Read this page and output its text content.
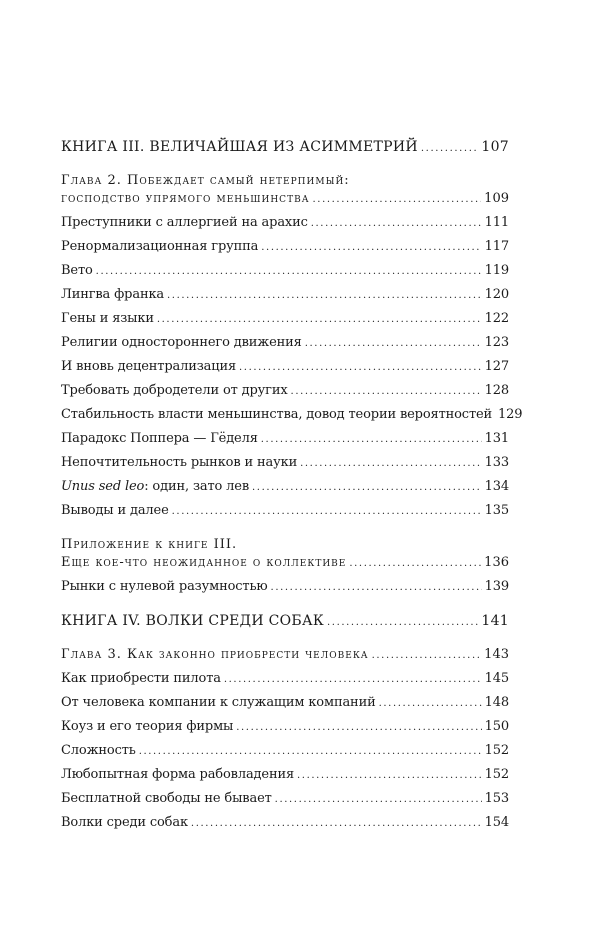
КНИГА III. ВЕЛИЧАЙШАЯ ИЗ АСИММЕТРИЙ .....	107
Глава 2. Побеждает самый нетерпимый:
господство упрямого меньшинства .....	109
Преступники с аллергией на арахис .....	111
Ренормализационная группа .....	117
Вето .....	119
Лингва франка .....	120
Гены и языки .....	122
Религии одностороннего движения .....	123
И вновь децентрализация .....	127
Требовать добродетели от других .....	128
Стабильность власти меньшинства, довод теории вероятностей 129
Парадокс Поппера — Гёделя .....	131
Непочтительность рынков и науки .....	133
Unus sed leo: один, зато лев .....	134
Выводы и далее .....	135
Приложение к книге III.
Еще кое-что неожиданное о коллективе .....	136
Рынки с нулевой разумностью .....	139
КНИГА IV. ВОЛКИ СРЕДИ СОБАК .....	141
Глава 3. Как законно приобрести человека .....	143
Как приобрести пилота .....	145
От человека компании к служащим компаний .....	148
Коуз и его теория фирмы .....	150
Сложность .....	152
Любопытная форма рабовладения .....	152
Бесплатной свободы не бывает .....	153
Волки среди собак .....	154
